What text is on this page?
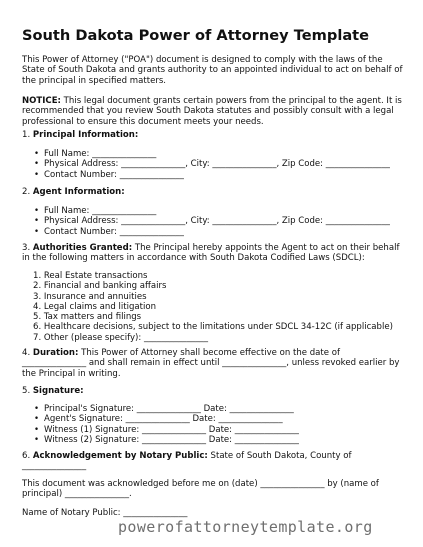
South Dakota Power of Attorney Template
This Power of Attorney ("POA") document is designed to comply with the laws of the State of South Dakota and grants authority to an appointed individual to act on behalf of the principal in specified matters.
NOTICE: This legal document grants certain powers from the principal to the agent. It is recommended that you review South Dakota statutes and possibly consult with a legal professional to ensure this document meets your needs.
1. Principal Information:
• Full Name: _______________
• Physical Address: _______________, City: _______________, Zip Code: _______________
• Contact Number: _______________
2. Agent Information:
• Full Name: _______________
• Physical Address: _______________, City: _______________, Zip Code: _______________
• Contact Number: _______________
3. Authorities Granted: The Principal hereby appoints the Agent to act on their behalf in the following matters in accordance with South Dakota Codified Laws (SDCL):
1. Real Estate transactions
2. Financial and banking affairs
3. Insurance and annuities
4. Legal claims and litigation
5. Tax matters and filings
6. Healthcare decisions, subject to the limitations under SDCL 34-12C (if applicable)
7. Other (please specify): _______________
4. Duration: This Power of Attorney shall become effective on the date of _______________ and shall remain in effect until _______________, unless revoked earlier by the Principal in writing.
5. Signature:
• Principal's Signature: _______________ Date: _______________
• Agent's Signature: _______________ Date: _______________
• Witness (1) Signature: _______________ Date: _______________
• Witness (2) Signature: _______________ Date: _______________
6. Acknowledgement by Notary Public: State of South Dakota, County of _______________
This document was acknowledged before me on (date) _______________ by (name of principal) _______________.
Name of Notary Public: _______________
powerofattorneytemplate.org
